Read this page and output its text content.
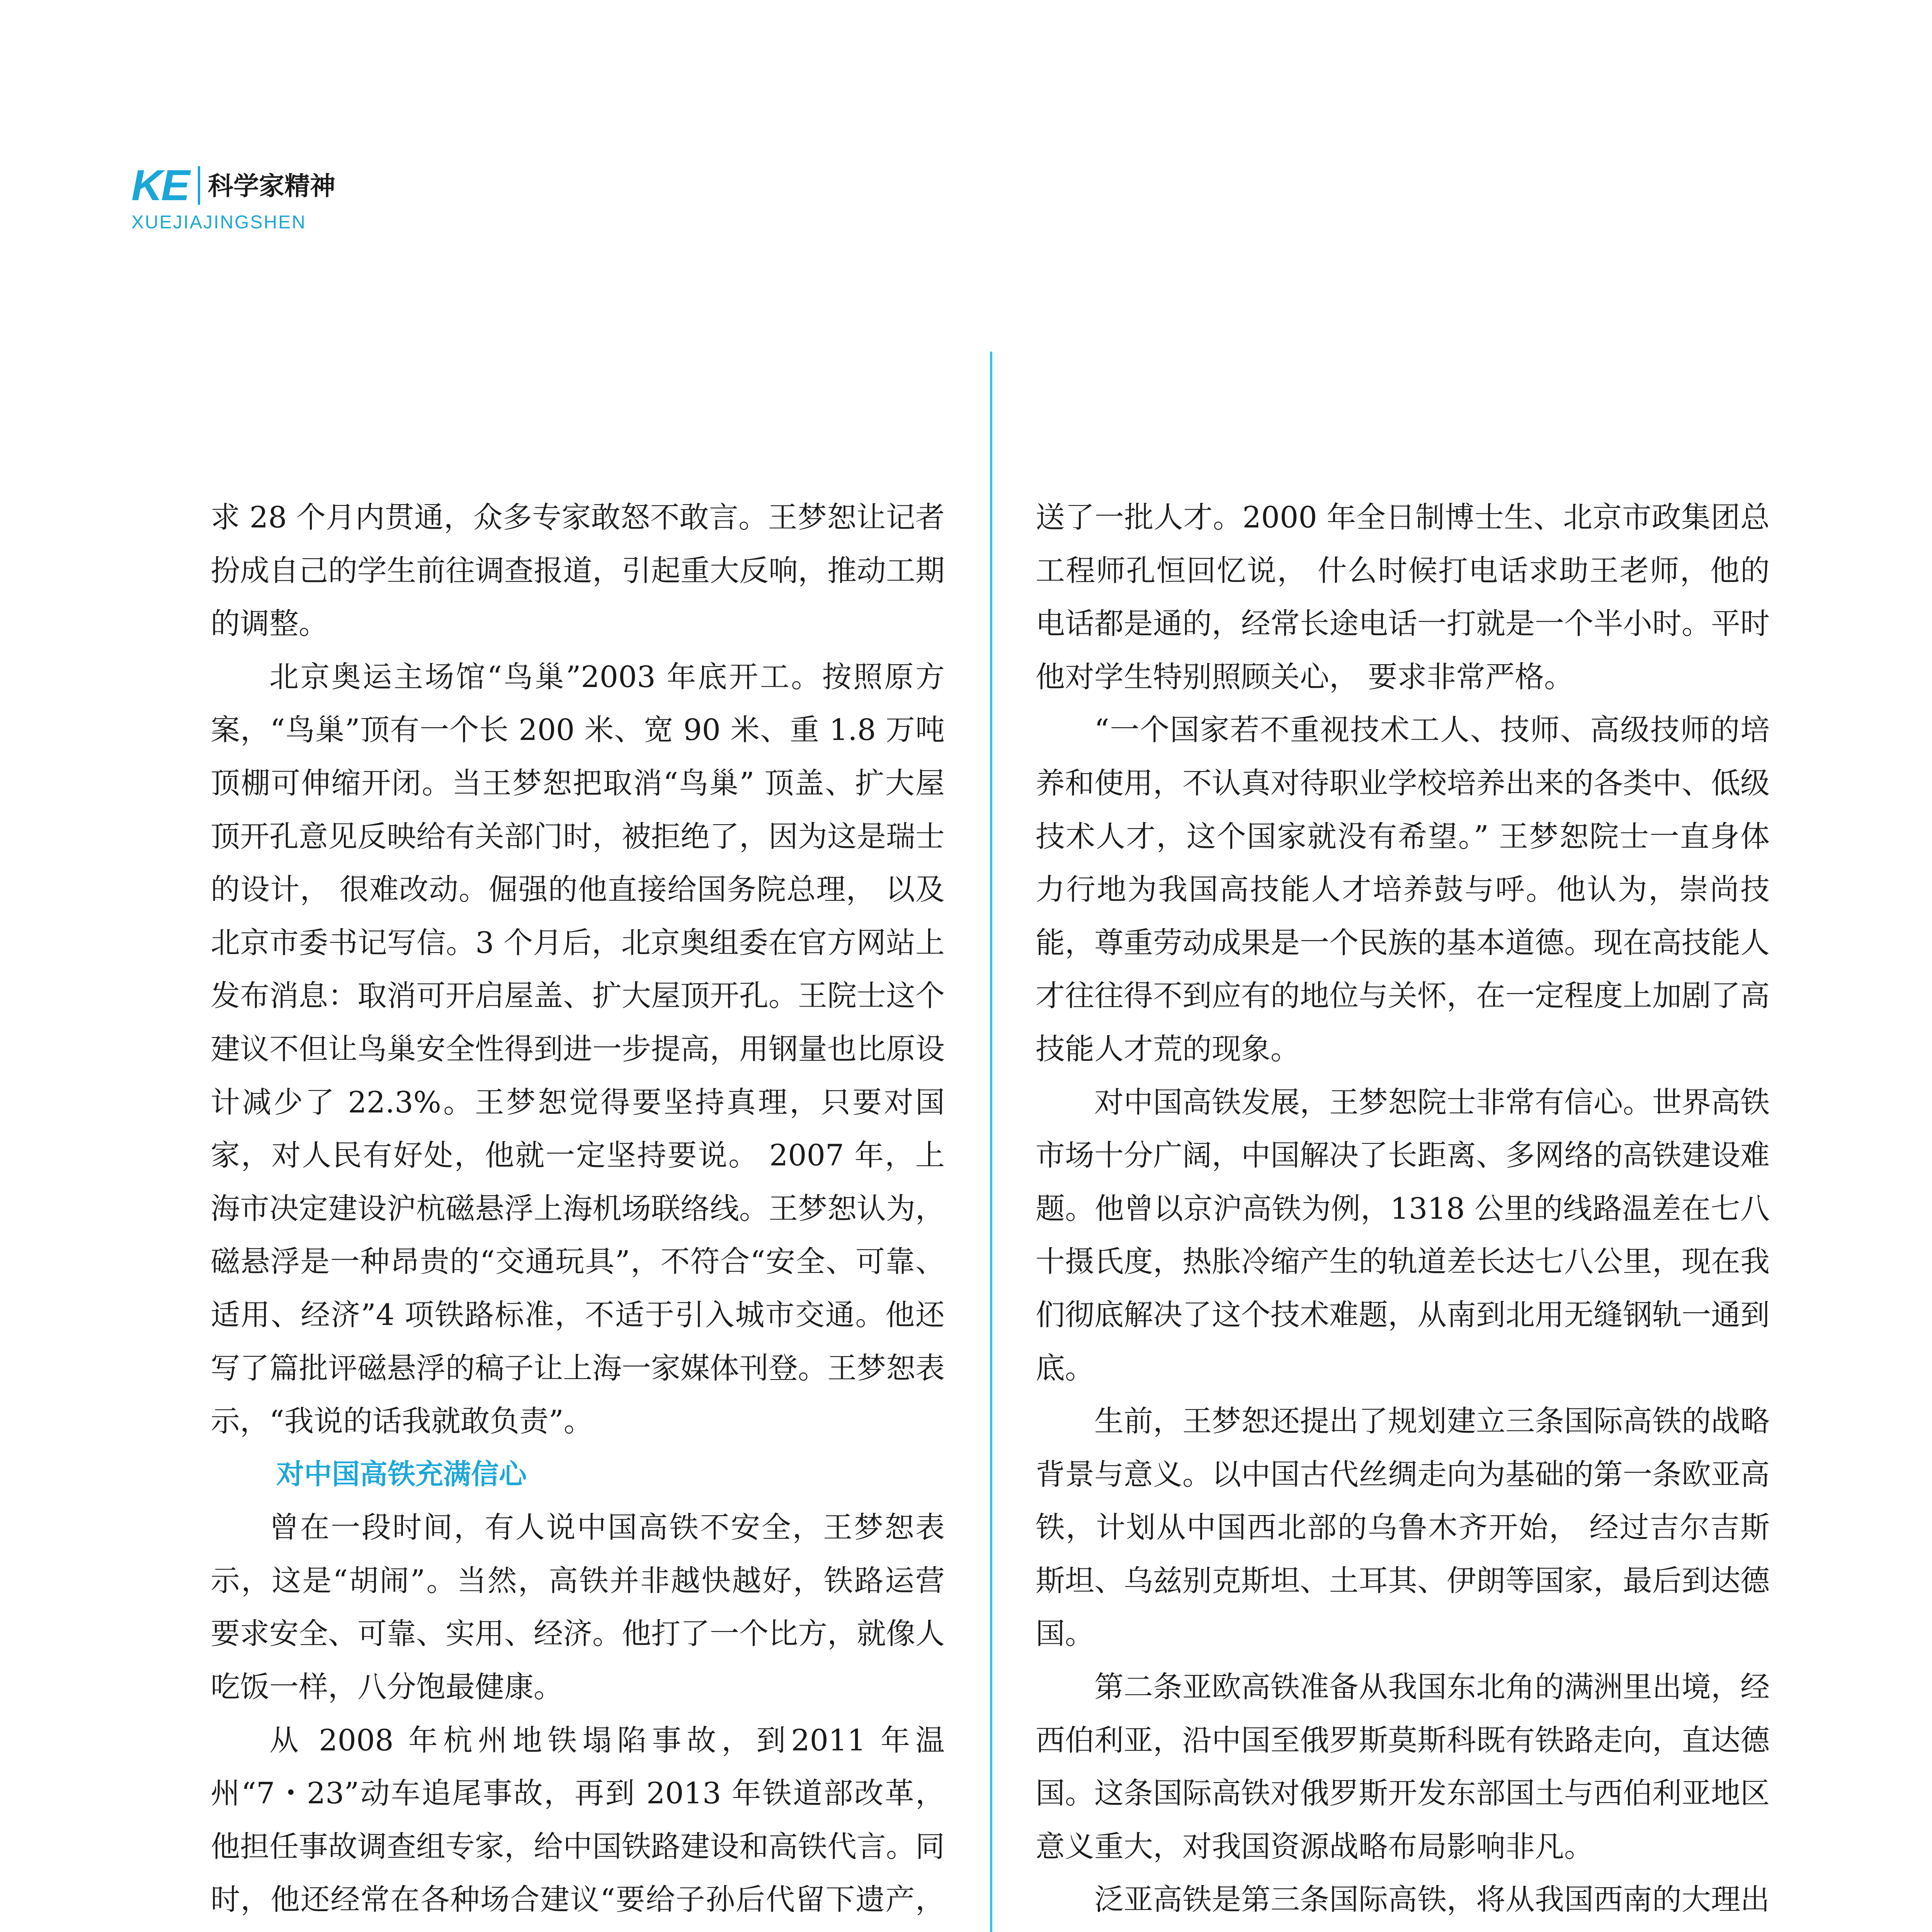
KE 科学家精神
XUEJIAJINGSHEN

求 28 个月内贯通，众多专家敢怒不敢言。王梦恕让记者扮成自己的学生前往调查报道，引起重大反响，推动工期的调整。

北京奥运主场馆“鸟巢”2003 年底开工。按照原方案，“鸟巢”顶有一个长 200 米、宽 90 米、重 1.8 万吨顶棚可伸缩开闭。当王梦恕把取消“鸟巢” 顶盖、扩大屋顶开孔意见反映给有关部门时，被拒绝了，因为这是瑞士的设计， 很难改动。倔强的他直接给国务院总理， 以及北京市委书记写信。3 个月后，北京奥组委在官方网站上发布消息：取消可开启屋盖、扩大屋顶开孔。王院士这个建议不但让鸟巢安全性得到进一步提高，用钢量也比原设计减少了 22.3%。王梦恕觉得要坚持真理，只要对国家，对人民有好处，他就一定坚持要说。 2007 年，上海市决定建设沪杭磁悬浮上海机场联络线。王梦恕认为，磁悬浮是一种昂贵的“交通玩具”，不符合“安全、可靠、适用、经济”4 项铁路标准，不适于引入城市交通。他还写了篇批评磁悬浮的稿子让上海一家媒体刊登。王梦恕表示，“我说的话我就敢负责”。

对中国高铁充满信心

曾在一段时间，有人说中国高铁不安全，王梦恕表示，这是“胡闹”。当然，高铁并非越快越好，铁路运营要求安全、可靠、实用、经济。他打了一个比方，就像人吃饭一样，八分饱最健康。

从 2008 年杭州地铁塌陷事故，到2011 年温州“7・23”动车追尾事故，再到 2013 年铁道部改革，他担任事故调查组专家，给中国铁路建设和高铁代言。同时，他还经常在各种场合建议“要给子孙后代留下遗产，

送了一批人才。2000 年全日制博士生、北京市政集团总工程师孔恒回忆说， 什么时候打电话求助王老师，他的电话都是通的，经常长途电话一打就是一个半小时。平时他对学生特别照顾关心， 要求非常严格。

“一个国家若不重视技术工人、技师、高级技师的培养和使用，不认真对待职业学校培养出来的各类中、低级技术人才，这个国家就没有希望。” 王梦恕院士一直身体力行地为我国高技能人才培养鼓与呼。他认为，崇尚技能，尊重劳动成果是一个民族的基本道德。现在高技能人才往往得不到应有的地位与关怀，在一定程度上加剧了高技能人才荒的现象。

对中国高铁发展，王梦恕院士非常有信心。世界高铁市场十分广阔，中国解决了长距离、多网络的高铁建设难题。他曾以京沪高铁为例，1318 公里的线路温差在七八十摄氏度，热胀冷缩产生的轨道差长达七八公里，现在我们彻底解决了这个技术难题，从南到北用无缝钢轨一通到底。

生前，王梦恕还提出了规划建立三条国际高铁的战略背景与意义。以中国古代丝绸走向为基础的第一条欧亚高铁，计划从中国西北部的乌鲁木齐开始， 经过吉尔吉斯斯坦、乌兹别克斯坦、土耳其、伊朗等国家，最后到达德国。

第二条亚欧高铁准备从我国东北角的满洲里出境，经西伯利亚，沿中国至俄罗斯莫斯科既有铁路走向，直达德国。这条国际高铁对俄罗斯开发东部国土与西伯利亚地区意义重大，对我国资源战略布局影响非凡。

泛亚高铁是第三条国际高铁，将从我国西南的大理出
